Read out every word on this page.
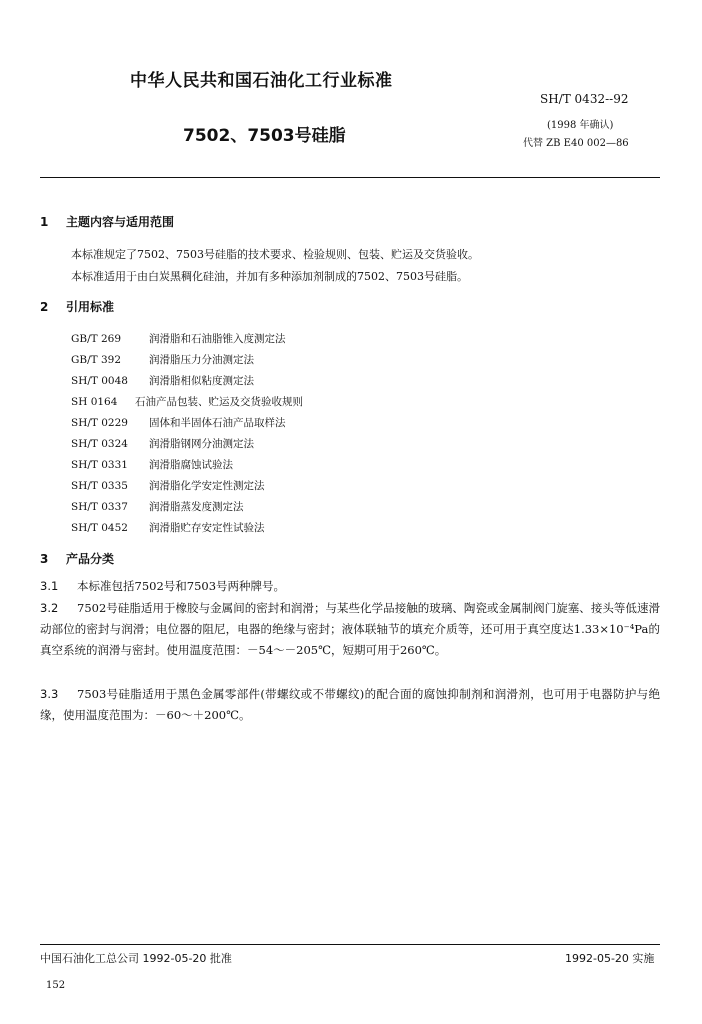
中华人民共和国石油化工行业标准
SH/T 0432--92
7502、7503号硅脂
(1998 年确认)
代替 ZB E40 002—86
1 主题内容与适用范围
本标准规定了7502、7503号硅脂的技术要求、检验规则、包装、贮运及交货验收。
本标准适用于由白炭黑稠化硅油，并加有多种添加剂制成的7502、7503号硅脂。
2 引用标准
GB/T 269	润滑脂和石油脂锥入度测定法
GB/T 392	润滑脂压力分油测定法
SH/T 0048 润滑脂相似粘度测定法
SH 0164 石油产品包装、贮运及交货验收规则
SH/T 0229 固体和半固体石油产品取样法
SH/T 0324 润滑脂钢网分油测定法
SH/T 0331 润滑脂腐蚀试验法
SH/T 0335 润滑脂化学安定性测定法
SH/T 0337 润滑脂蒸发度测定法
SH/T 0452 润滑脂贮存安定性试验法
3 产品分类
3.1 本标准包括7502号和7503号两种牌号。
3.2 7502号硅脂适用于橡胶与金属间的密封和润滑；与某些化学品接触的玻璃、陶瓷或金属制阀门旋塞、接头等低速滑动部位的密封与润滑；电位器的阻尼，电器的绝缘与密封；液体联轴节的填充介质等，还可用于真空度达1.33×10⁻⁴Pa的真空系统的润滑与密封。使用温度范围：－54～－205℃，短期可用于260℃。
3.3 7503号硅脂适用于黑色金属零部件(带螺纹或不带螺纹)的配合面的腐蚀抑制剂和润滑剂，也可用于电器防护与绝缘，使用温度范围为：－60～＋200℃。
中国石油化工总公司 1992-05-20 批准	1992-05-20 实施
152
